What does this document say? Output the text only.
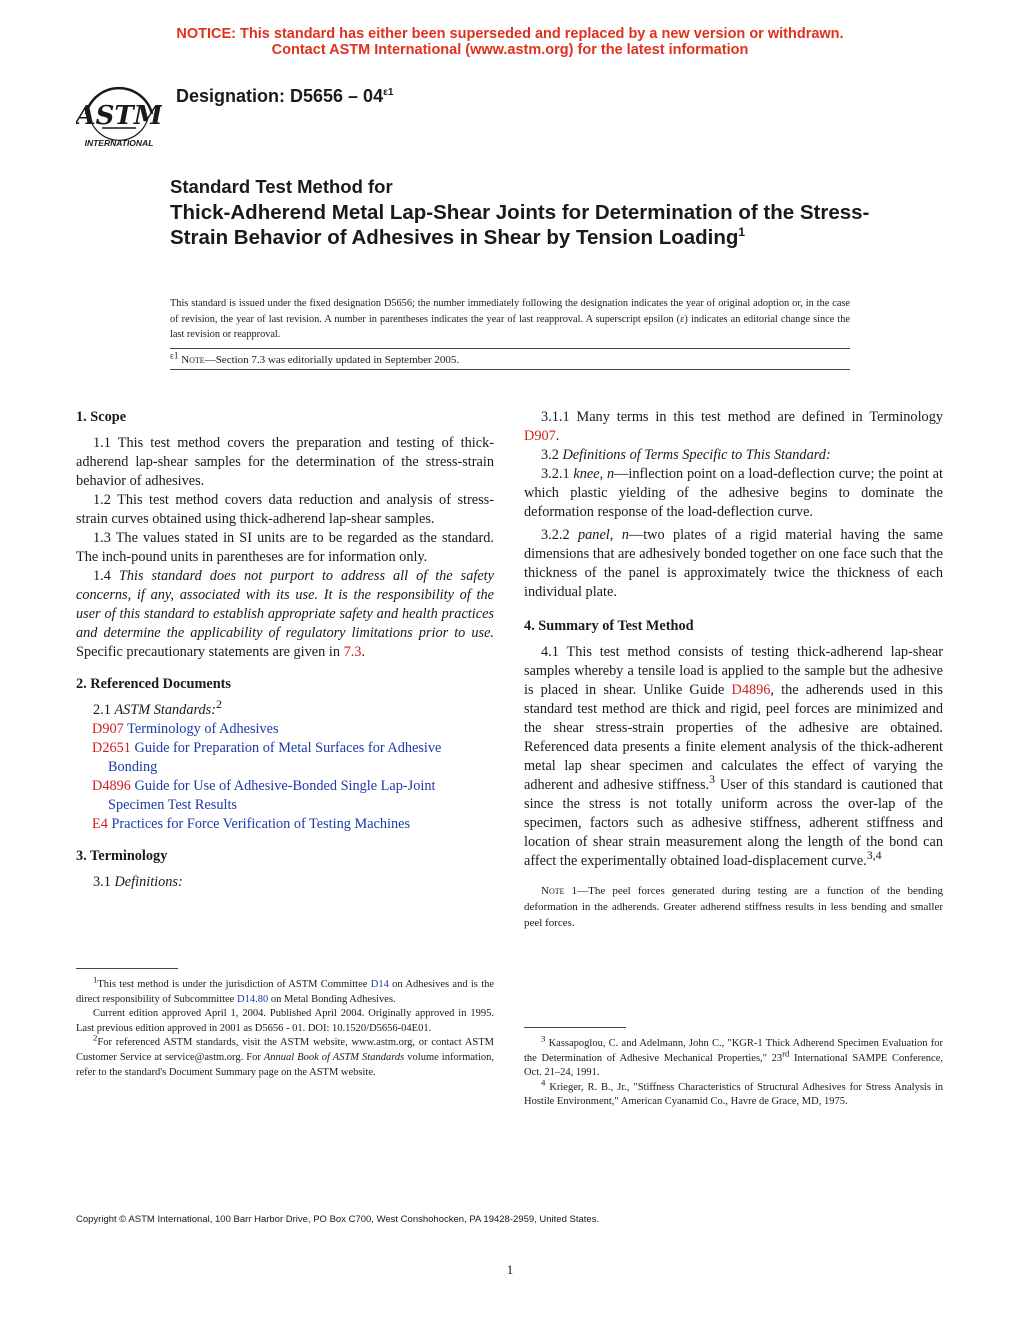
NOTICE: This standard has either been superseded and replaced by a new version or withdrawn.
Contact ASTM International (www.astm.org) for the latest information
ASTM
INTERNATIONAL
Designation: $D5656 - 04^{\varepsilon 1}$
Standard Test Method for
Thick-Adherend Metal Lap-Shear Joints for Determination of the Stress-Strain Behavior of Adhesives in Shear by Tension Loading$^1$
This standard is issued under the fixed designation D5656; the number immediately following the designation indicates the year of original adoption or, in the case of revision, the year of last revision. A number in parentheses indicates the year of last reapproval. A superscript epsilon (ε) indicates an editorial change since the last revision or reapproval.
$^{\varepsilon 1}$ Note—Section 7.3 was editorially updated in September 2005.

1. Scope

1.1 This test method covers the preparation and testing of thick-adherend lap-shear samples for the determination of the stress-strain behavior of adhesives.

1.2 This test method covers data reduction and analysis of stress-strain curves obtained using thick-adherend lap-shear samples.

1.3 The values stated in SI units are to be regarded as the standard. The inch-pound units in parentheses are for information only.

1.4 This standard does not purport to address all of the safety concerns, if any, associated with its use. It is the responsibility of the user of this standard to establish appropriate safety and health practices and determine the applicability of regulatory limitations prior to use. Specific precautionary statements are given in 7.3.

2. Referenced Documents

2.1 ASTM Standards:$^2$

D907 Terminology of Adhesives

D2651 Guide for Preparation of Metal Surfaces for Adhesive Bonding

D4896 Guide for Use of Adhesive-Bonded Single Lap-Joint Specimen Test Results

E4 Practices for Force Verification of Testing Machines

3. Terminology

3.1 Definitions:

$^1$This test method is under the jurisdiction of ASTM Committee D14 on Adhesives and is the direct responsibility of Subcommittee D14.80 on Metal Bonding Adhesives.

Current edition approved April 1, 2004. Published April 2004. Originally approved in 1995. Last previous edition approved in 2001 as D5656 - 01. DOI: 10.1520/D5656-04E01.

$^2$For referenced ASTM standards, visit the ASTM website, www.astm.org, or contact ASTM Customer Service at service@astm.org. For Annual Book of ASTM Standards volume information, refer to the standard's Document Summary page on the ASTM website.

3.1.1 Many terms in this test method are defined in Terminology D907.

3.2 Definitions of Terms Specific to This Standard:

3.2.1 knee, n—inflection point on a load-deflection curve; the point at which plastic yielding of the adhesive begins to dominate the deformation response of the load-deflection curve.

3.2.2 panel, n—two plates of a rigid material having the same dimensions that are adhesively bonded together on one face such that the thickness of the panel is approximately twice the thickness of each individual plate.

4. Summary of Test Method

4.1 This test method consists of testing thick-adherend lap-shear samples whereby a tensile load is applied to the sample but the adhesive is placed in shear. Unlike Guide D4896, the adherends used in this standard test method are thick and rigid, peel forces are minimized and the shear stress-strain properties of the adhesive are obtained. Referenced data presents a finite element analysis of the thick-adherent metal lap shear specimen and calculates the effect of varying the adherent and adhesive stiffness.$^3$ User of this standard is cautioned that since the stress is not totally uniform across the over-lap of the specimen, factors such as adhesive stiffness, adherent stiffness and location of shear strain measurement along the length of the bond can affect the experimentally obtained load-displacement curve.$^{3,4}$

Note 1—The peel forces generated during testing are a function of the bending deformation in the adherends. Greater adherend stiffness results in less bending and smaller peel forces.

$^3$ Kassapoglou, C. and Adelmann, John C., "KGR-1 Thick Adherend Specimen Evaluation for the Determination of Adhesive Mechanical Properties," 23rd International SAMPE Conference, Oct. 21–24, 1991.

$^4$ Krieger, R. B., Jr., "Stiffness Characteristics of Structural Adhesives for Stress Analysis in Hostile Environment," American Cyanamid Co., Havre de Grace, MD, 1975.

Copyright © ASTM International, 100 Barr Harbor Drive, PO Box C700, West Conshohocken, PA 19428-2959, United States.
1
